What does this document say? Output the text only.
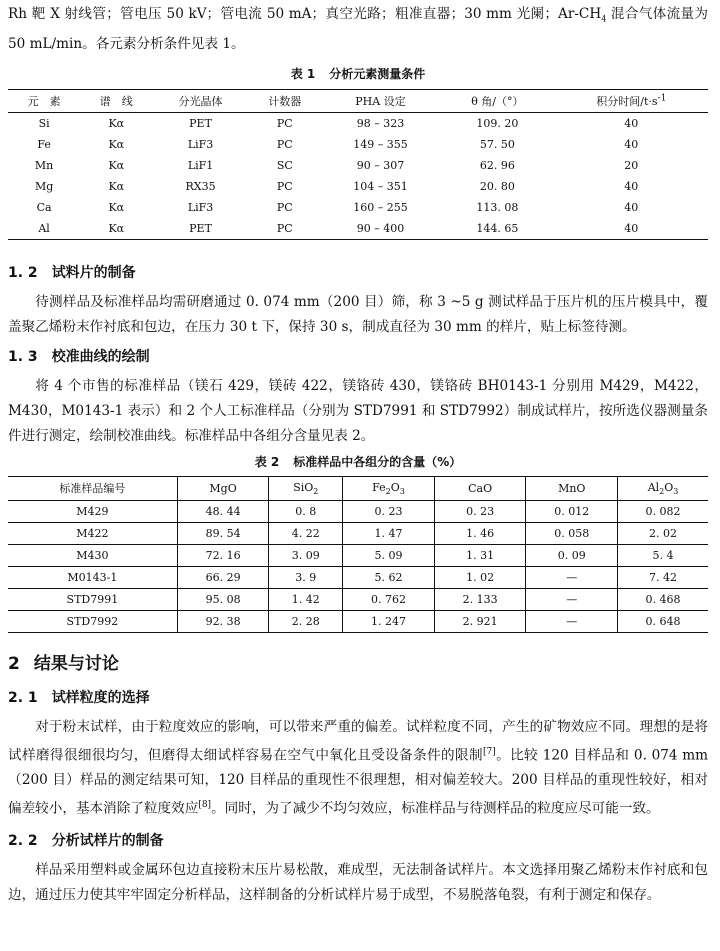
Rh 靶 X 射线管；管电压 50 kV；管电流 50 mA；真空光路；粗准直器；30 mm 光阑；$Ar-CH_4$ 混合气体流量为 50 mL/min。各元素分析条件见表 1。

表 1 分析元素测量条件

元　素	谱　线	分光晶体	计数器	PHA 设定	θ 角/（°）	积分时间$/t\cdot s^{-1}$
Si	Kα	PET	PC	98 – 323	109. 20	40
Fe	Kα	LiF3	PC	149 – 355	57. 50	40
Mn	Kα	LiF1	SC	90 – 307	62. 96	20
Mg	Kα	RX35	PC	104 – 351	20. 80	40
Ca	Kα	LiF3	PC	160 – 255	113. 08	40
Al	Kα	PET	PC	90 – 400	144. 65	40
1. 2 试料片的制备

待测样品及标准样品均需研磨通过 0. 074 mm（200 目）筛，称 3 ~5 g 测试样品于压片机的压片模具中，覆盖聚乙烯粉末作衬底和包边，在压力 30 t 下，保持 30 s，制成直径为 30 mm 的样片，贴上标签待测。

1. 3 校准曲线的绘制

将 4 个市售的标准样品（镁石 429，镁砖 422，镁铬砖 430，镁铬砖 BH0143-1 分别用 M429，M422，M430，M0143-1 表示）和 2 个人工标准样品（分别为 STD7991 和 STD7992）制成试样片，按所选仪器测量条件进行测定，绘制校准曲线。标准样品中各组分含量见表 2。

表 2 标准样品中各组分的含量（%）

标准样品编号	MgO	SiO$_2$	$Fe_2O_3$	CaO	MnO	$Al_2O_3$
M429	48. 44	0. 8	0. 23	0. 23	0. 012	0. 082
M422	89. 54	4. 22	1. 47	1. 46	0. 058	2. 02
M430	72. 16	3. 09	5. 09	1. 31	0. 09	5. 4
M0143-1	66. 29	3. 9	5. 62	1. 02	—	7. 42
STD7991	95. 08	1. 42	0. 762	2. 133	—	0. 468
STD7992	92. 38	2. 28	1. 247	2. 921	—	0. 648
2 结果与讨论
2. 1 试样粒度的选择

对于粉末试样，由于粒度效应的影响，可以带来严重的偏差。试样粒度不同，产生的矿物效应不同。理想的是将试样磨得很细很均匀，但磨得太细试样容易在空气中氧化且受设备条件的限制[7]。比较 120 目样品和 0. 074 mm（200 目）样品的测定结果可知，120 目样品的重现性不很理想，相对偏差较大。200 目样品的重现性较好，相对偏差较小，基本消除了粒度效应[8]。同时，为了减少不均匀效应，标准样品与待测样品的粒度应尽可能一致。

2. 2 分析试样片的制备

样品采用塑料或金属环包边直接粉末压片易松散，难成型，无法制备试样片。本文选择用聚乙烯粉末作衬底和包边，通过压力使其牢牢固定分析样品，这样制备的分析试样片易于成型，不易脱落龟裂，有利于测定和保存。
